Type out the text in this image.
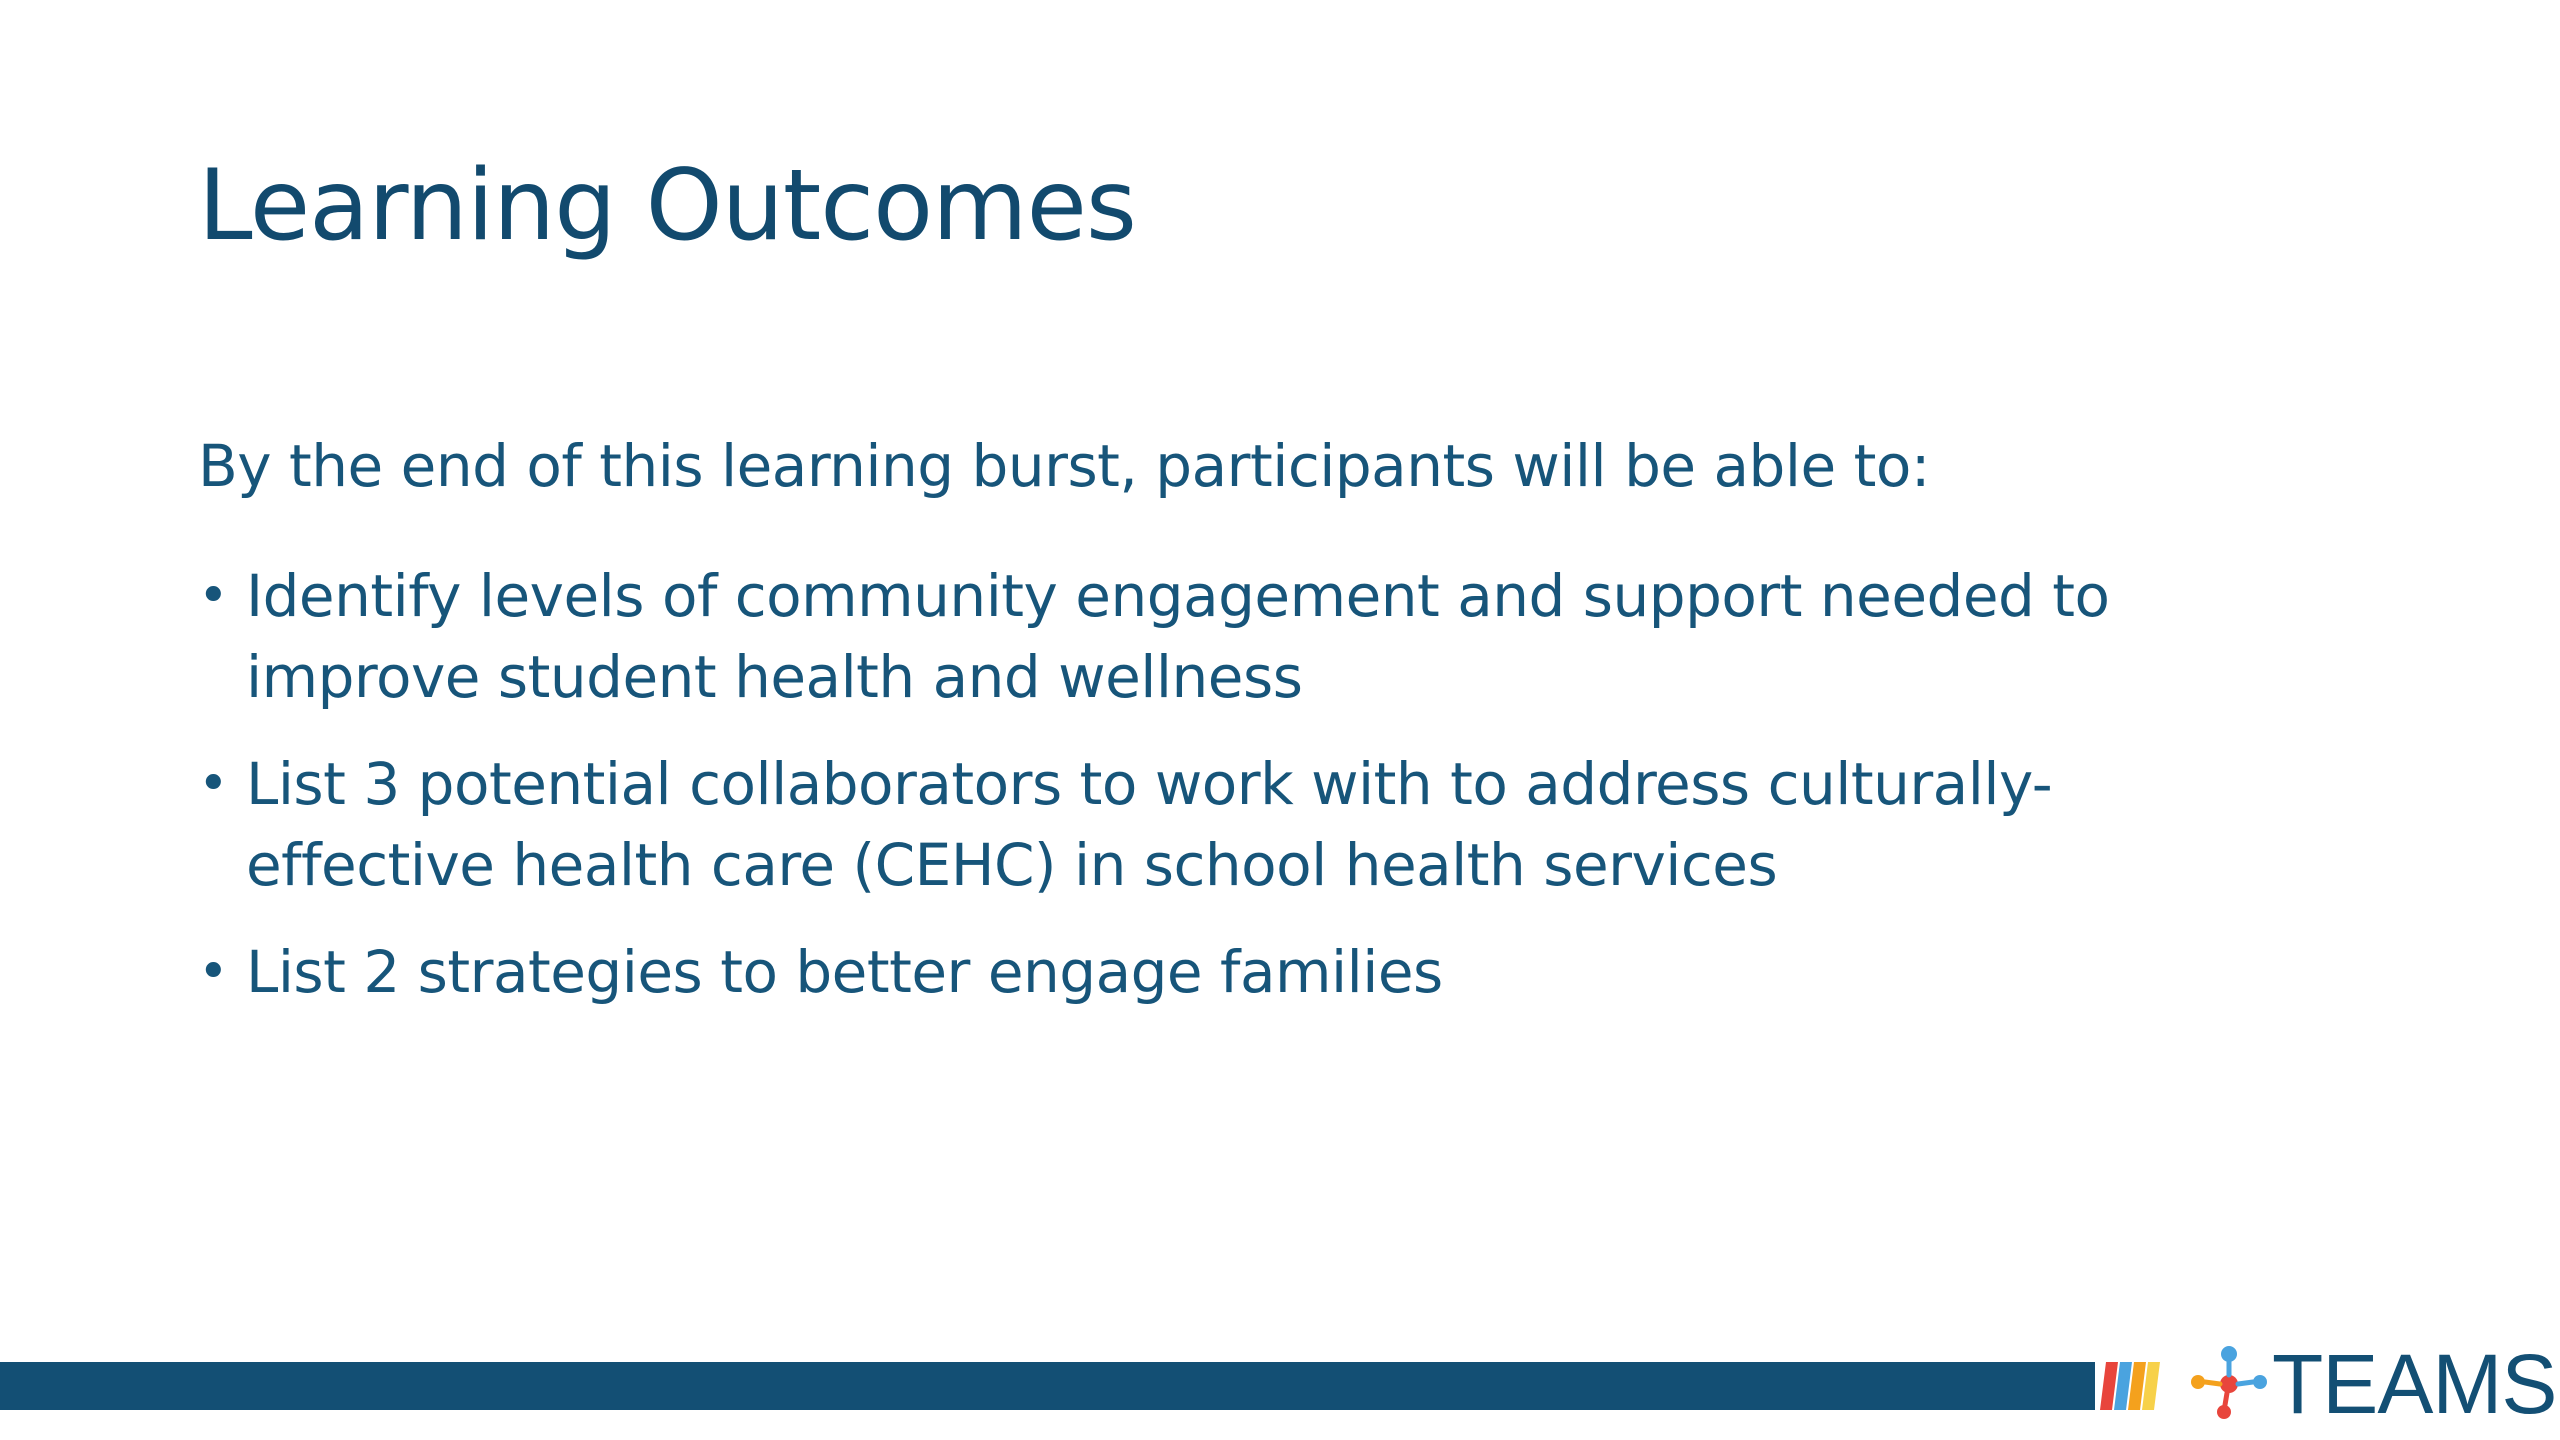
Learning Outcomes

By the end of this learning burst, participants will be able to:

• Identify levels of community engagement and support needed to
improve student health and wellness
• List 3 potential collaborators to work with to address culturally-
effective health care (CEHC) in school health services
• List 2 strategies to better engage families
TEAMS
